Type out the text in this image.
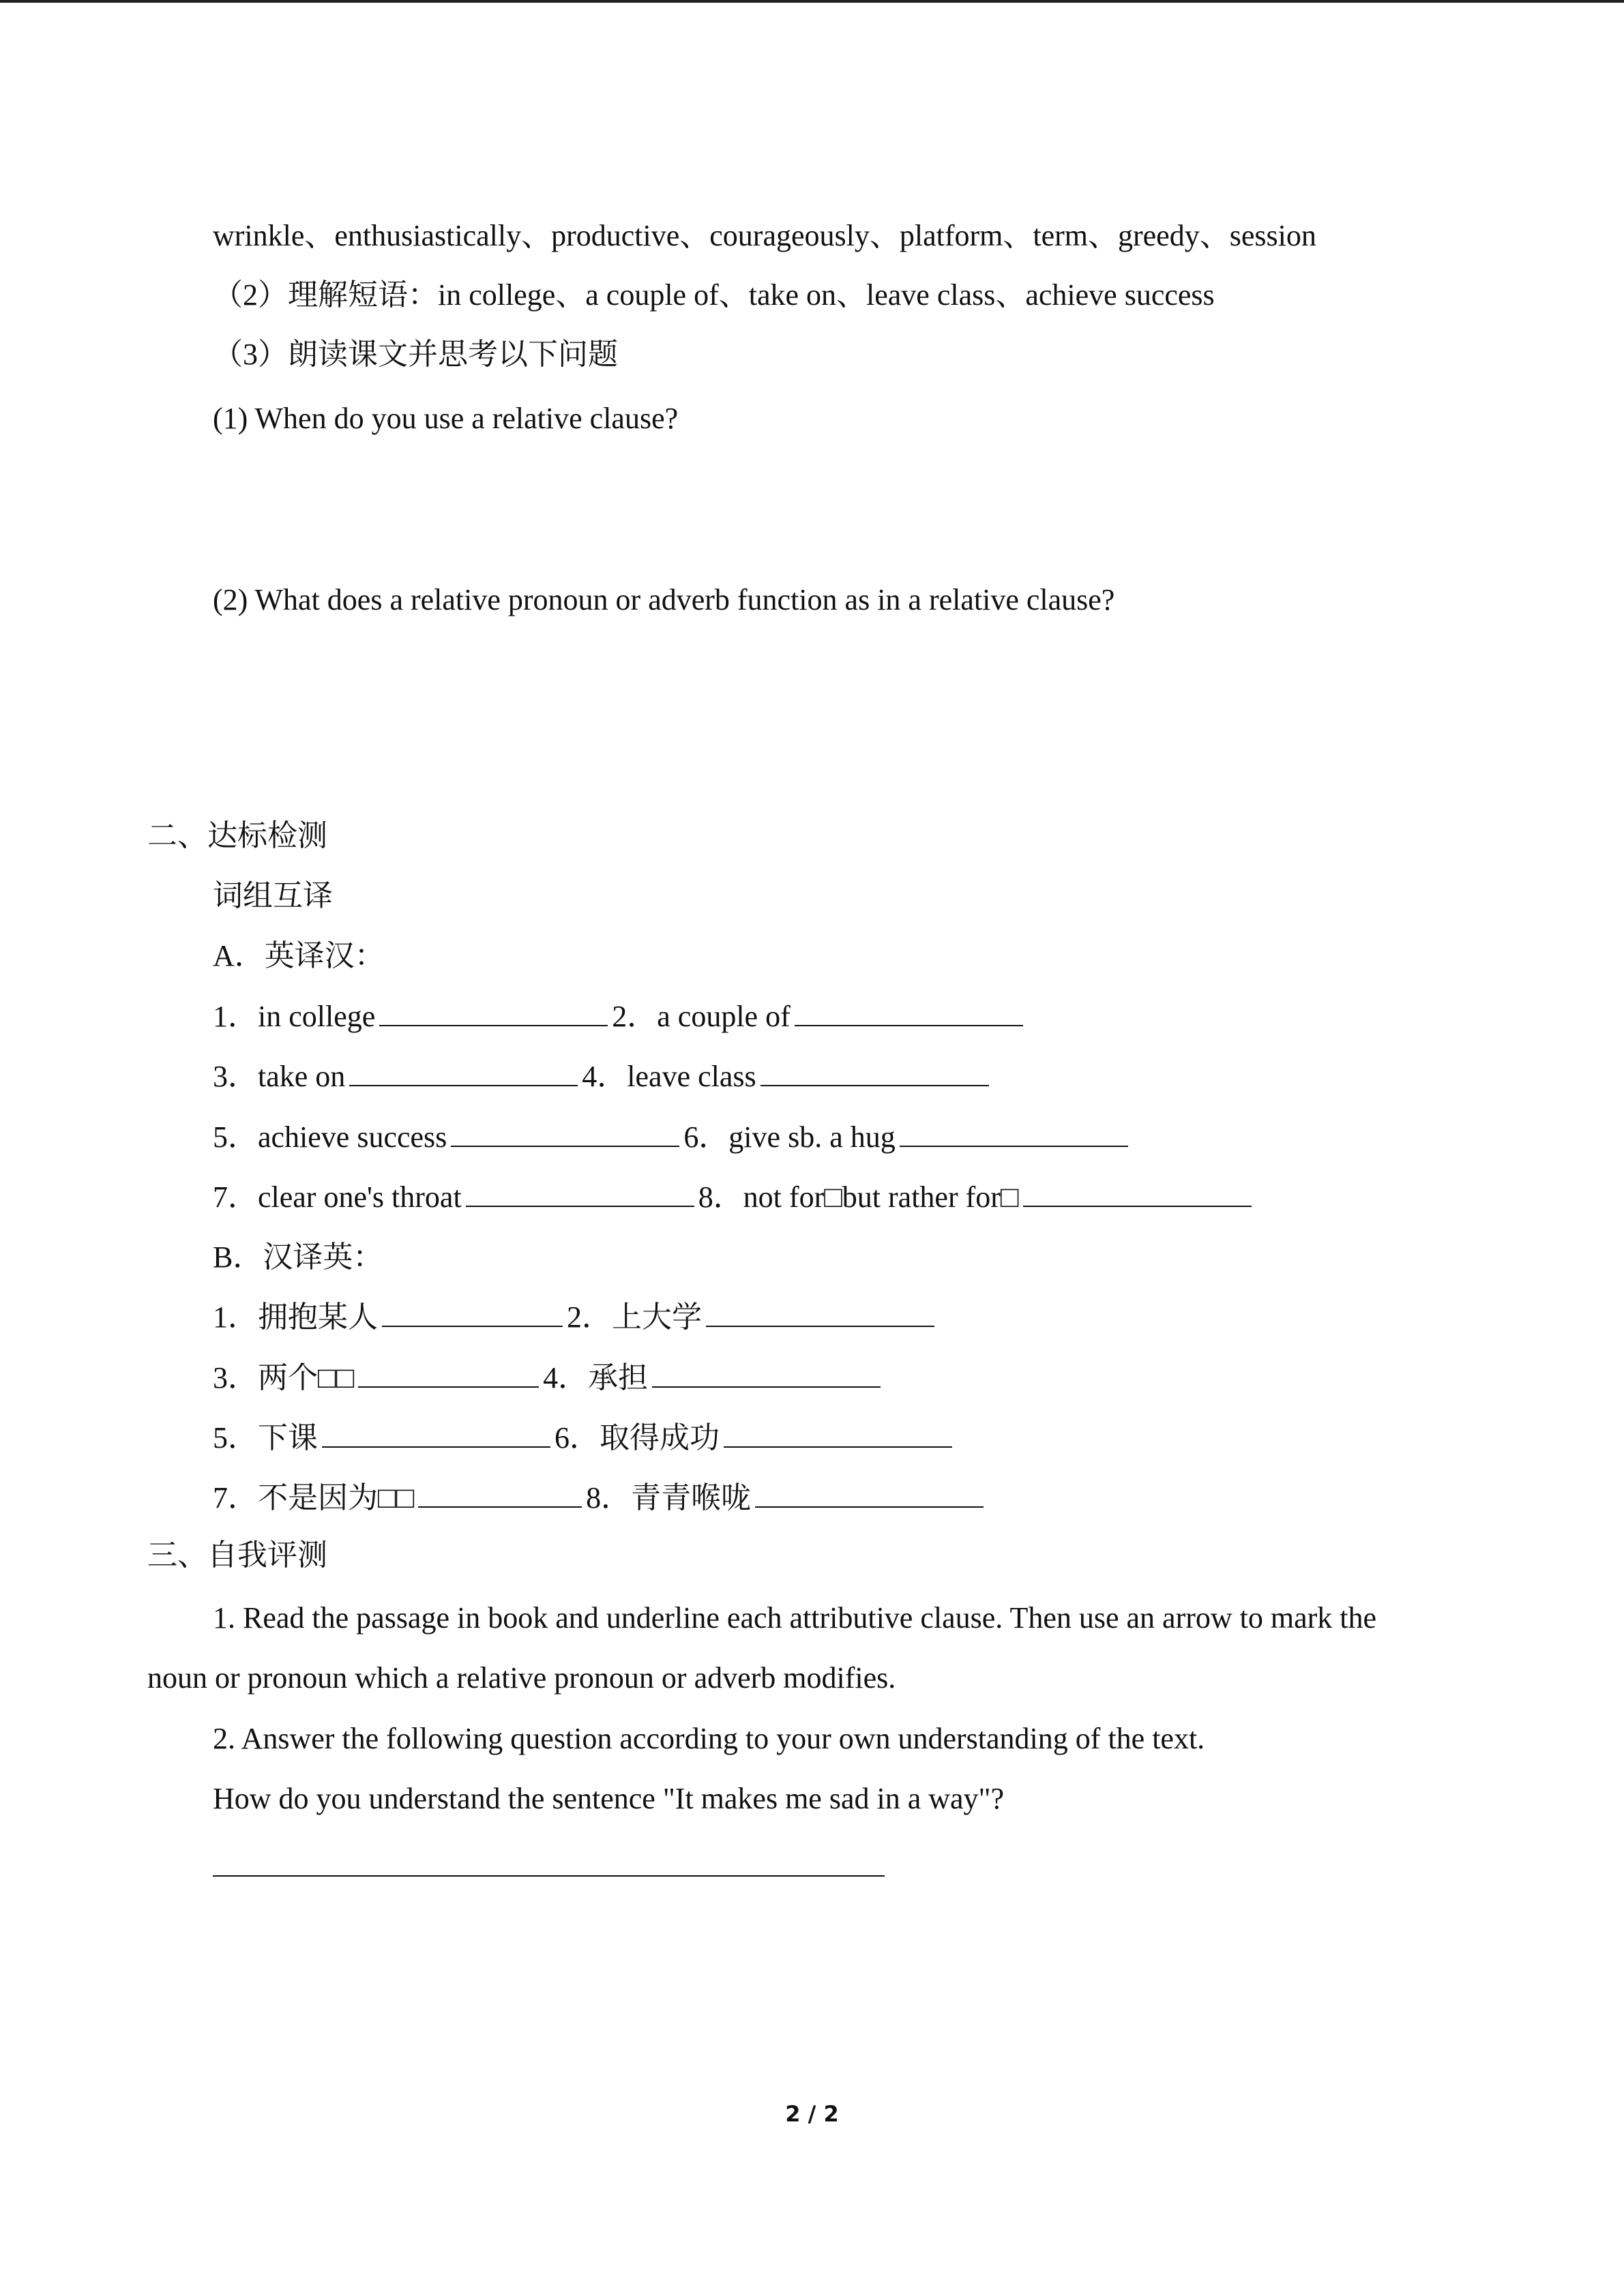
wrinkle、enthusiastically、productive、courageously、platform、term、greedy、session
（2）理解短语：in college、a couple of、take on、leave class、achieve success
（3）朗读课文并思考以下问题
(1) When do you use a relative clause?
(2) What does a relative pronoun or adverb function as in a relative clause?
二、达标检测
词组互译
A．英译汉：
1．in college	2．a couple of
3．take on	4．leave class
5．achieve success	6．give sb. a hug
7．clear one's throat	8．not for□but rather for□
B．汉译英：
1．拥抱某人	2．上大学
3．两个□□	4．承担
5．下课	6．取得成功
7．不是因为□□	8．青青喉咙
三、自我评测
1. Read the passage in book and underline each attributive clause. Then use an arrow to mark the
noun or pronoun which a relative pronoun or adverb modifies.
2. Answer the following question according to your own understanding of the text.
How do you understand the sentence "It makes me sad in a way"?
2 / 2
